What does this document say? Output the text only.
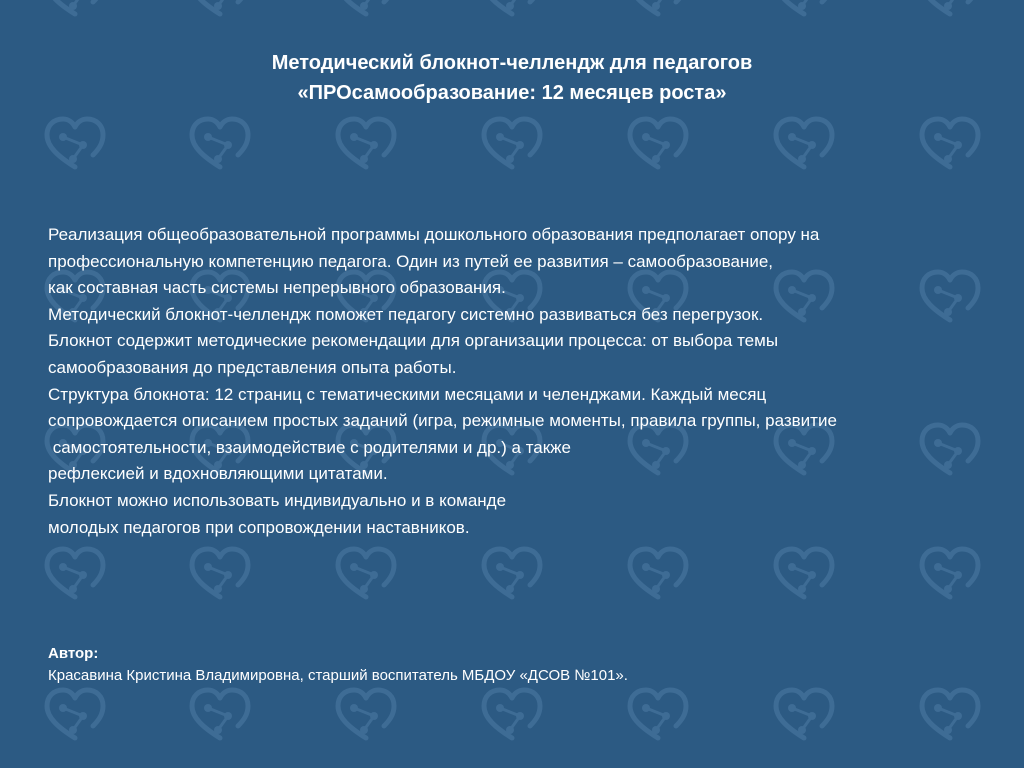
Методический блокнот-челлендж для педагогов
«ПРОсамообразование: 12 месяцев роста»
Реализация общеобразовательной программы дошкольного образования предполагает опору на
профессиональную компетенцию педагога. Один из путей ее развития – самообразование,
как составная часть системы непрерывного образования.
Методический блокнот-челлендж поможет педагогу системно развиваться без перегрузок.
Блокнот содержит методические рекомендации для организации процесса: от выбора темы
самообразования до представления опыта работы.
Структура блокнота: 12 страниц с тематическими месяцами и челенджами. Каждый месяц
сопровождается описанием простых заданий (игра, режимные моменты, правила группы, развитие
самостоятельности, взаимодействие с родителями и др.) а также
рефлексией и вдохновляющими цитатами.
Блокнот можно использовать индивидуально и в команде
молодых педагогов при сопровождении наставников.
Автор:
Красавина Кристина Владимировна, старший воспитатель МБДОУ «ДСОВ №101».
